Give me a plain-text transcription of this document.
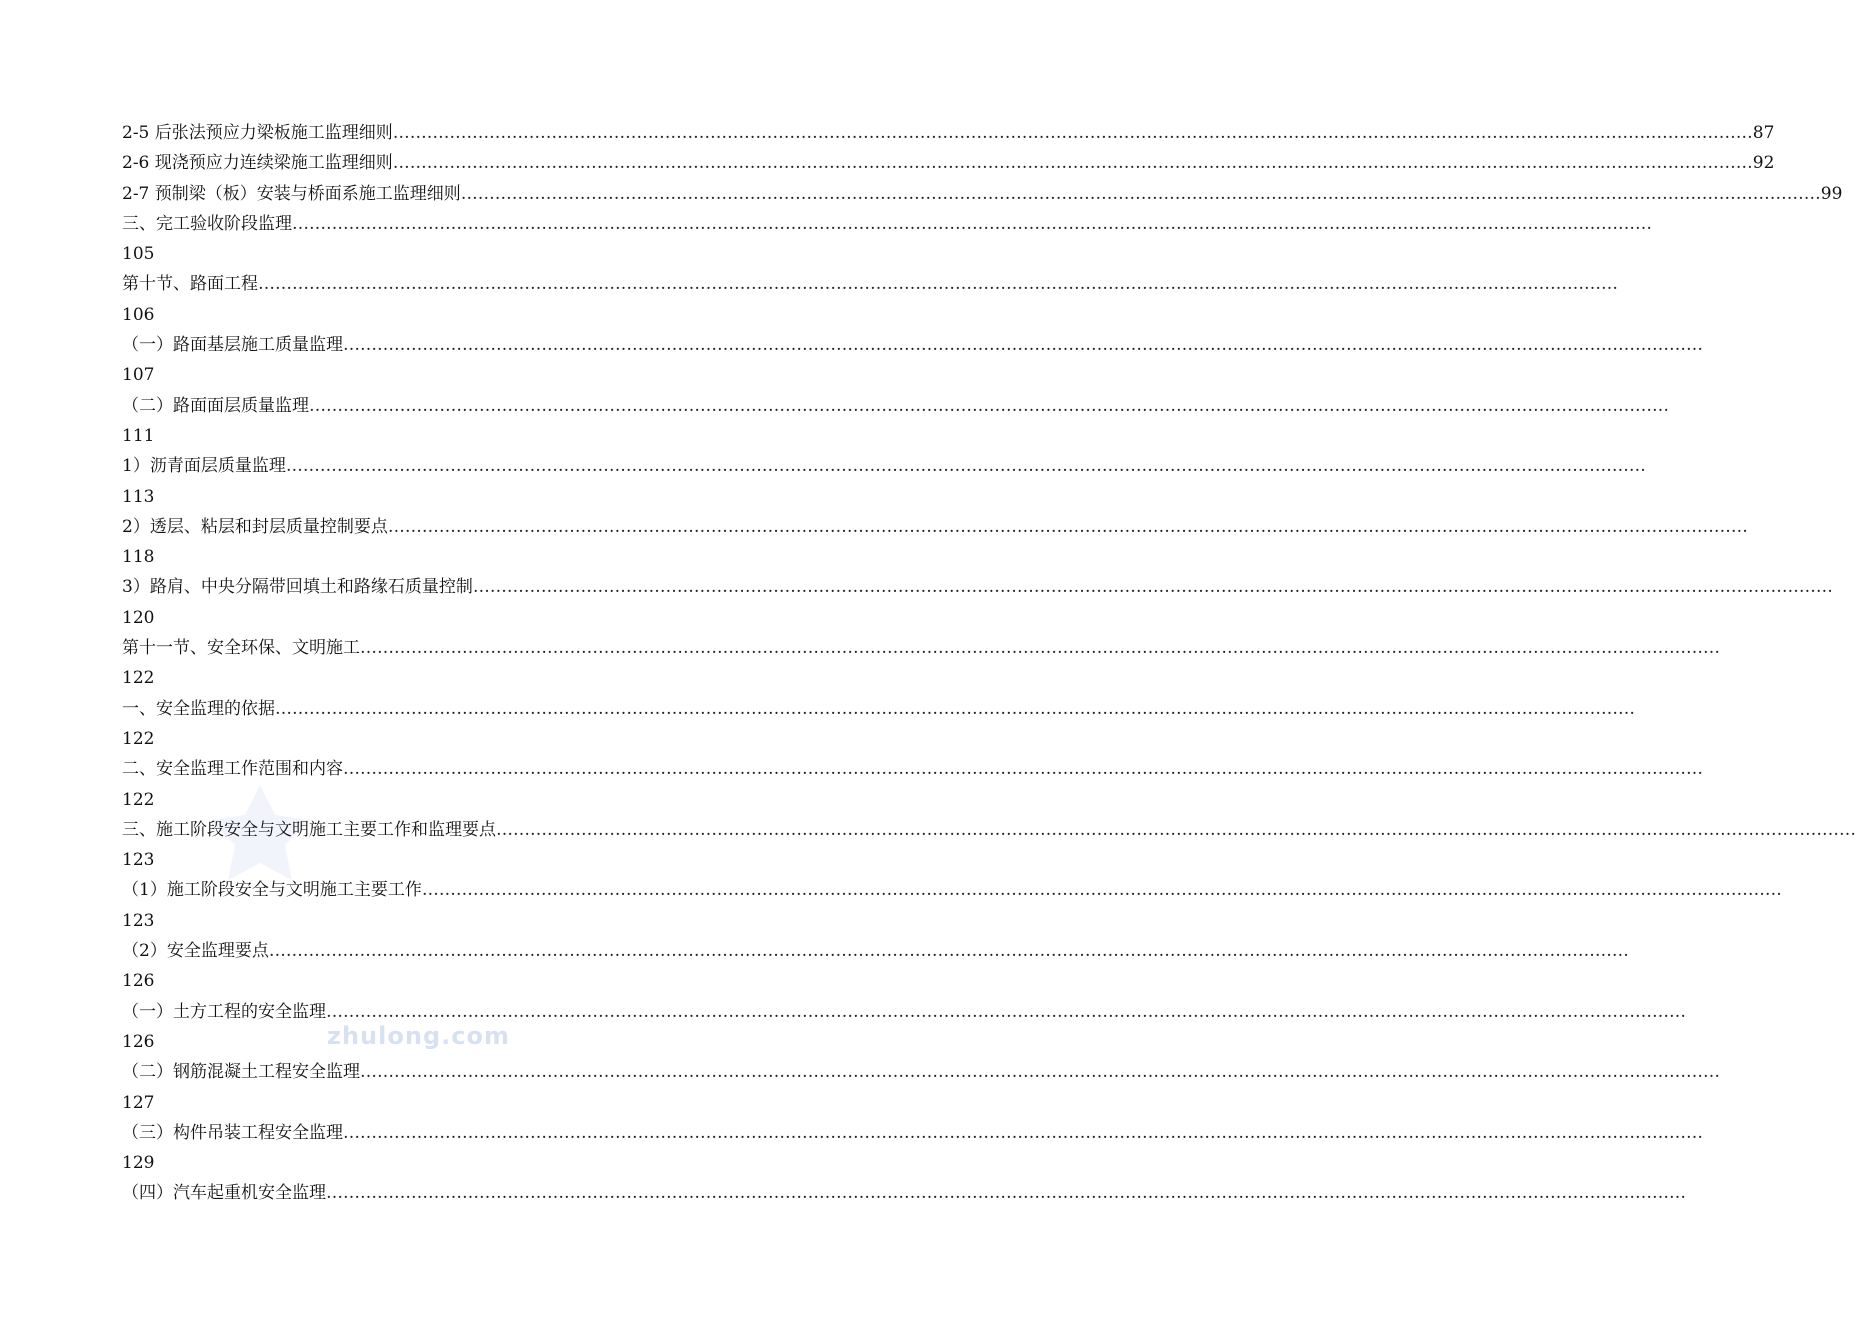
2-5 后张法预应力梁板施工监理细则 …………………………………………………………………………………………………………………………………………………………………………………………………………………… 87
2-6 现浇预应力连续梁施工监理细则 …………………………………………………………………………………………………………………………………………………………………………………………………………………… 92
2-7 预制梁（板）安装与桥面系施工监理细则 …………………………………………………………………………………………………………………………………………………………………………………………………………………… 99
三、完工验收阶段监理 ……………………………………………………………………………………………………………………………………………………………………………………………………………………
105
第十节、路面工程 ……………………………………………………………………………………………………………………………………………………………………………………………………………………
106
（一）路面基层施工质量监理 ……………………………………………………………………………………………………………………………………………………………………………………………………………………
107
（二）路面面层质量监理 ……………………………………………………………………………………………………………………………………………………………………………………………………………………
111
1）沥青面层质量监理 ……………………………………………………………………………………………………………………………………………………………………………………………………………………
113
2）透层、粘层和封层质量控制要点 ……………………………………………………………………………………………………………………………………………………………………………………………………………………
118
3）路肩、中央分隔带回填土和路缘石质量控制 ……………………………………………………………………………………………………………………………………………………………………………………………………………………
120
第十一节、安全环保、文明施工 ……………………………………………………………………………………………………………………………………………………………………………………………………………………
122
一、安全监理的依据 ……………………………………………………………………………………………………………………………………………………………………………………………………………………
122
二、安全监理工作范围和内容 ……………………………………………………………………………………………………………………………………………………………………………………………………………………
122
三、施工阶段安全与文明施工主要工作和监理要点 ……………………………………………………………………………………………………………………………………………………………………………………………………………………
123
（1）施工阶段安全与文明施工主要工作 ……………………………………………………………………………………………………………………………………………………………………………………………………………………
123
（2）安全监理要点 ……………………………………………………………………………………………………………………………………………………………………………………………………………………
126
（一）土方工程的安全监理 ……………………………………………………………………………………………………………………………………………………………………………………………………………………
126
（二）钢筋混凝土工程安全监理 ……………………………………………………………………………………………………………………………………………………………………………………………………………………
127
（三）构件吊装工程安全监理 ……………………………………………………………………………………………………………………………………………………………………………………………………………………
129
（四）汽车起重机安全监理 ……………………………………………………………………………………………………………………………………………………………………………………………………………………
zhulong.com
